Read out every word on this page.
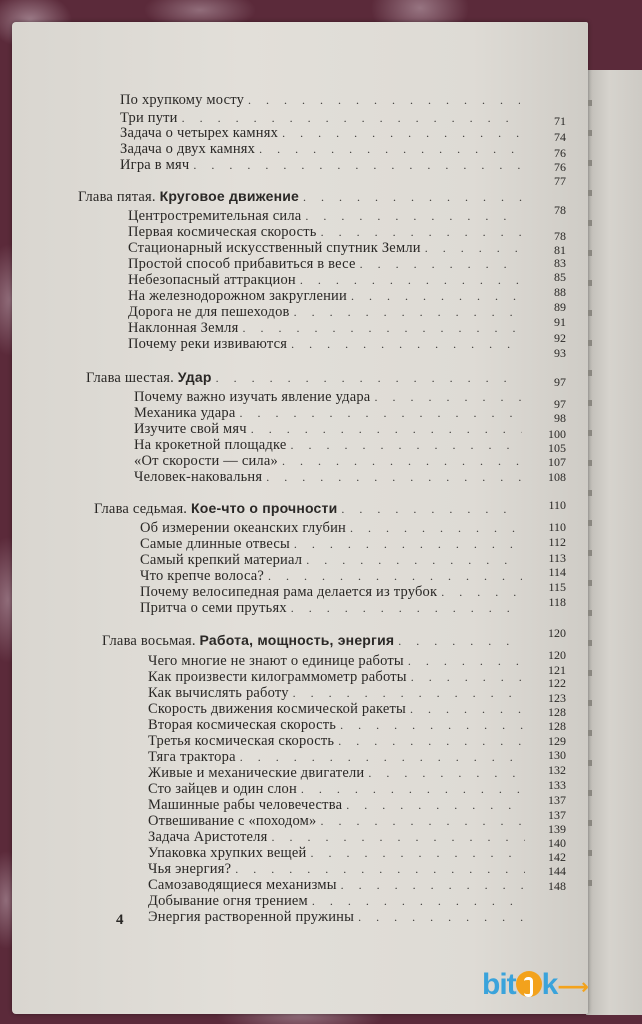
По хрупкому мосту
. . .
Три пути
. . .
Задача о четырех камнях
. . .
Задача о двух камнях
. . .
Игра в мяч
. . .
Глава пятая. Круговое движение
. . .
Центростремительная сила
. . .
Первая космическая скорость
. . .
Стационарный искусственный спутник Земли
. . .
Простой способ прибавиться в весе
. . .
Небезопасный аттракцион
. . .
На железнодорожном закруглении
. . .
Дорога не для пешеходов
. . .
Наклонная Земля
. . .
Почему реки извиваются
. . .
Глава шестая. Удар
. . .
Почему важно изучать явление удара
. . .
Механика удара
. . .
Изучите свой мяч
. . .
На крокетной площадке
. . .
«От скорости — сила»
. . .
Человек-наковальня
. . .
Глава седьмая. Кое-что о прочности
. . .
Об измерении океанских глубин
. . .
Самые длинные отвесы
. . .
Самый крепкий материал
. . .
Что крепче волоса?
. . .
Почему велосипедная рама делается из трубок
. . .
Притча о семи прутьях
. . .
Глава восьмая. Работа, мощность, энергия
. . .
Чего многие не знают о единице работы
. . .
Как произвести килограммометр работы
. . .
Как вычислять работу
. . .
Скорость движения космической ракеты
. . .
Вторая космическая скорость
. . .
Третья космическая скорость
. . .
Тяга трактора
. . .
Живые и механические двигатели
. . .
Сто зайцев и один слон
. . .
Машинные рабы человечества
. . .
Отвешивание с «походом»
. . .
Задача Аристотеля
. . .
Упаковка хрупких вещей
. . .
Чья энергия?
. . .
Самозаводящиеся механизмы
. . .
Добывание огня трением
. . .
Энергия растворенной пружины
. . .
71
74
76
76
77
78
78
81
83
85
88
89
91
92
93
97
97
98
100
105
107
108
110
110
112
113
114
115
118
120
120
121
122
123
128
128
129
130
132
133
137
137
139
140
142
144
148
4
bit k⟶
